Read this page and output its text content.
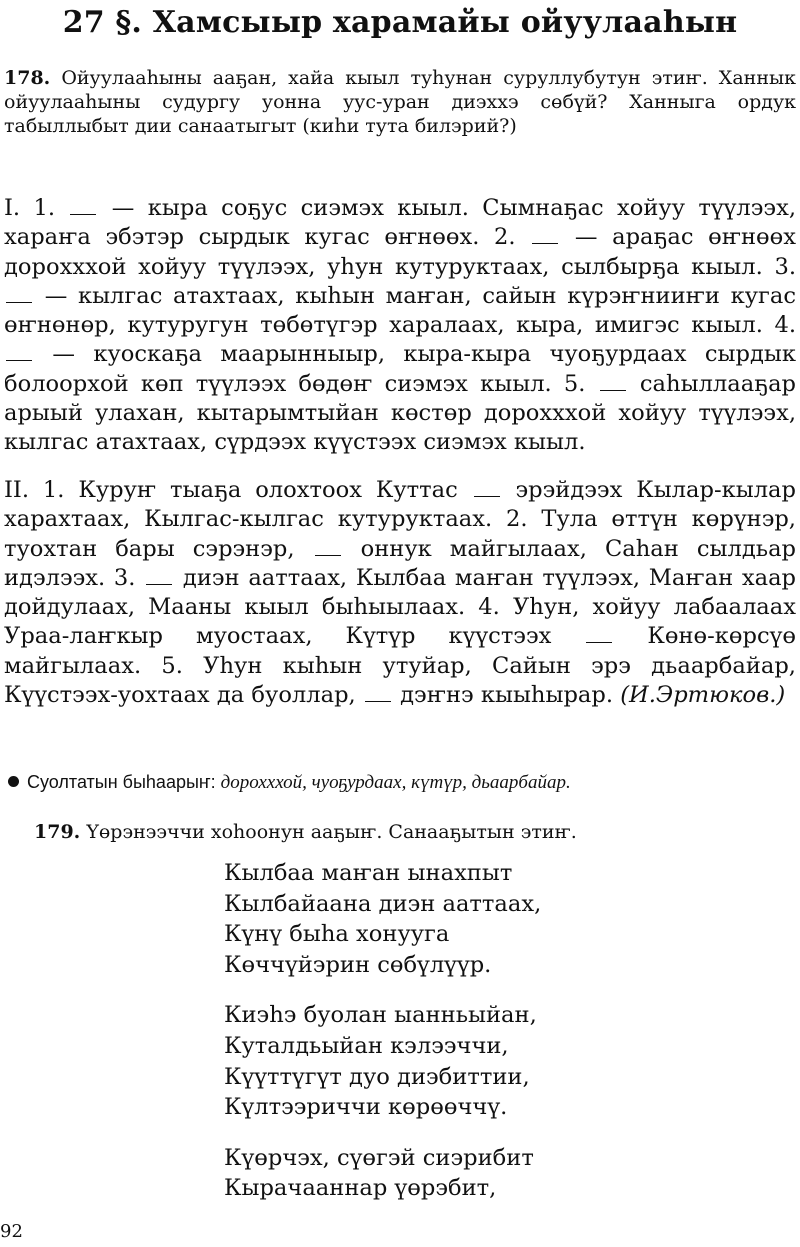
27 §. Хамсыыр харамайы ойуулааһын

178. Ойуулааһыны ааҕан, хайа кыыл туһунан суруллубутун этиҥ. Ханнык ойуулааһыны судургу уонна уус-уран диэххэ сөбүй? Ханныга ордук табыллыбыт дии санаатыгыт (киһи тута билэрий?)

I. 1.	— кыра соҕус сиэмэх кыыл. Сымнаҕас хойуу түүлээх, хараҥа эбэтэр сырдык кугас өҥнөөх. 2.	— араҕас өҥнөөх дорохххой хойуу түүлээх, уһун кутуруктаах, сылбырҕа кыыл. 3.  — кылгас атахтаах, кыһын маҥан, сайын күрэҥнииҥи кугас өҥнөнөр, кутуругун төбөтүгэр харалаах, кыра, имигэс кыыл. 4.  — куоскаҕа маарынныыр, кыра-кыра чуоҕурдаах сырдык болоорхой көп түүлээх бөдөҥ сиэмэх кыыл. 5. саһыллааҕар арыый улахан, кытарымтыйан көстөр дорохххой хойуу түүлээх, кылгас атахтаах, сүрдээх күүстээх сиэмэх кыыл.

II. 1. Куруҥ тыаҕа олохтоох Куттас	эрэйдээх Кылар-кылар харахтаах, Кылгас-кылгас кутуруктаах. 2. Тула өттүн көрүнэр, туохтан бары сэрэнэр,	оннук майгылаах, Саһан сылдьар идэлээх. 3. диэн ааттаах, Кылбаа маҥан түүлээх, Маҥан хаар дойдулаах, Мааны кыыл быһыылаах. 4. Уһун, хойуу лабаалаах Ураа-лаҥкыр муостаах, Күтүр күүстээх	Көнө-көрсүө майгылаах. 5. Уһун кыһын утуйар, Сайын эрэ дьаарбайар, Күүстээх-уохтаах да буоллар, дэҥнэ кыыһырар. (И.Эртюков.)

Суолтатын быһаарыҥ: дорохххой, чуоҕурдаах, күтүр, дьаарбайар.

179. Үөрэнээччи хоһоонун ааҕыҥ. Санааҕытын этиҥ.

Кылбаа маҥан ынахпыт
Кылбайаана диэн ааттаах,
Күнү быһа хонууга
Көччүйэрин сөбүлүүр.
Киэһэ буолан ыанньыйан,
Куталдьыйан кэлээччи,
Күүттүгүт дуо диэбиттии,
Күлтээриччи көрөөччү.
Күөрчэх, сүөгэй сиэрибит
Кырачааннар үөрэбит,
92
